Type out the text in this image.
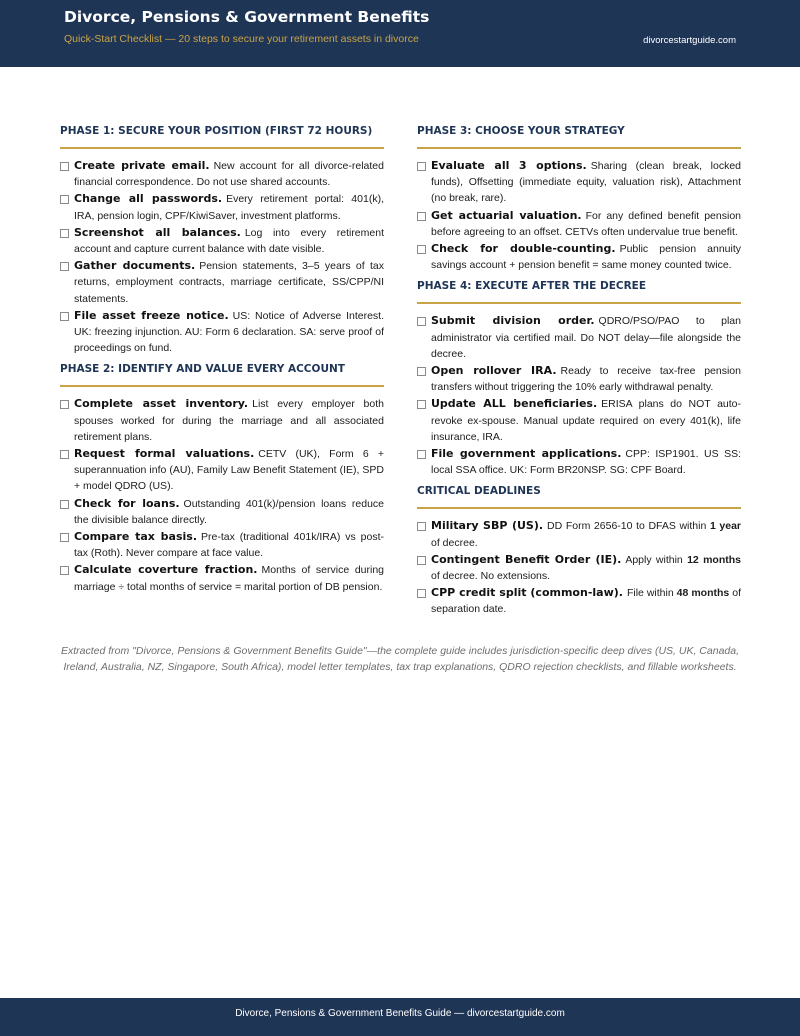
Divorce, Pensions & Government Benefits
Quick-Start Checklist — 20 steps to secure your retirement assets in divorce	divorcestartguide.com
PHASE 1: SECURE YOUR POSITION (FIRST 72 HOURS)
Create private email. New account for all divorce-related financial correspondence. Do not use shared accounts.
Change all passwords. Every retirement portal: 401(k), IRA, pension login, CPF/KiwiSaver, investment platforms.
Screenshot all balances. Log into every retirement account and capture current balance with date visible.
Gather documents. Pension statements, 3–5 years of tax returns, employment contracts, marriage certificate, SS/CPP/NI statements.
File asset freeze notice. US: Notice of Adverse Interest. UK: freezing injunction. AU: Form 6 declaration. SA: serve proof of proceedings on fund.
PHASE 2: IDENTIFY AND VALUE EVERY ACCOUNT
Complete asset inventory. List every employer both spouses worked for during the marriage and all associated retirement plans.
Request formal valuations. CETV (UK), Form 6 + superannuation info (AU), Family Law Benefit Statement (IE), SPD + model QDRO (US).
Check for loans. Outstanding 401(k)/pension loans reduce the divisible balance directly.
Compare tax basis. Pre-tax (traditional 401k/IRA) vs post-tax (Roth). Never compare at face value.
Calculate coverture fraction. Months of service during marriage ÷ total months of service = marital portion of DB pension.
PHASE 3: CHOOSE YOUR STRATEGY
Evaluate all 3 options. Sharing (clean break, locked funds), Offsetting (immediate equity, valuation risk), Attachment (no break, rare).
Get actuarial valuation. For any defined benefit pension before agreeing to an offset. CETVs often undervalue true benefit.
Check for double-counting. Public pension annuity savings account + pension benefit = same money counted twice.
PHASE 4: EXECUTE AFTER THE DECREE
Submit division order. QDRO/PSO/PAO to plan administrator via certified mail. Do NOT delay—file alongside the decree.
Open rollover IRA. Ready to receive tax-free pension transfers without triggering the 10% early withdrawal penalty.
Update ALL beneficiaries. ERISA plans do NOT auto-revoke ex-spouse. Manual update required on every 401(k), life insurance, IRA.
File government applications. CPP: ISP1901. US SS: local SSA office. UK: Form BR20NSP. SG: CPF Board.
CRITICAL DEADLINES
Military SBP (US). DD Form 2656-10 to DFAS within 1 year of decree.
Contingent Benefit Order (IE). Apply within 12 months of decree. No extensions.
CPP credit split (common-law). File within 48 months of separation date.
Extracted from "Divorce, Pensions & Government Benefits Guide"—the complete guide includes jurisdiction-specific deep dives (US, UK, Canada, Ireland, Australia, NZ, Singapore, South Africa), model letter templates, tax trap explanations, QDRO rejection checklists, and fillable worksheets.
Divorce, Pensions & Government Benefits Guide — divorcestartguide.com
